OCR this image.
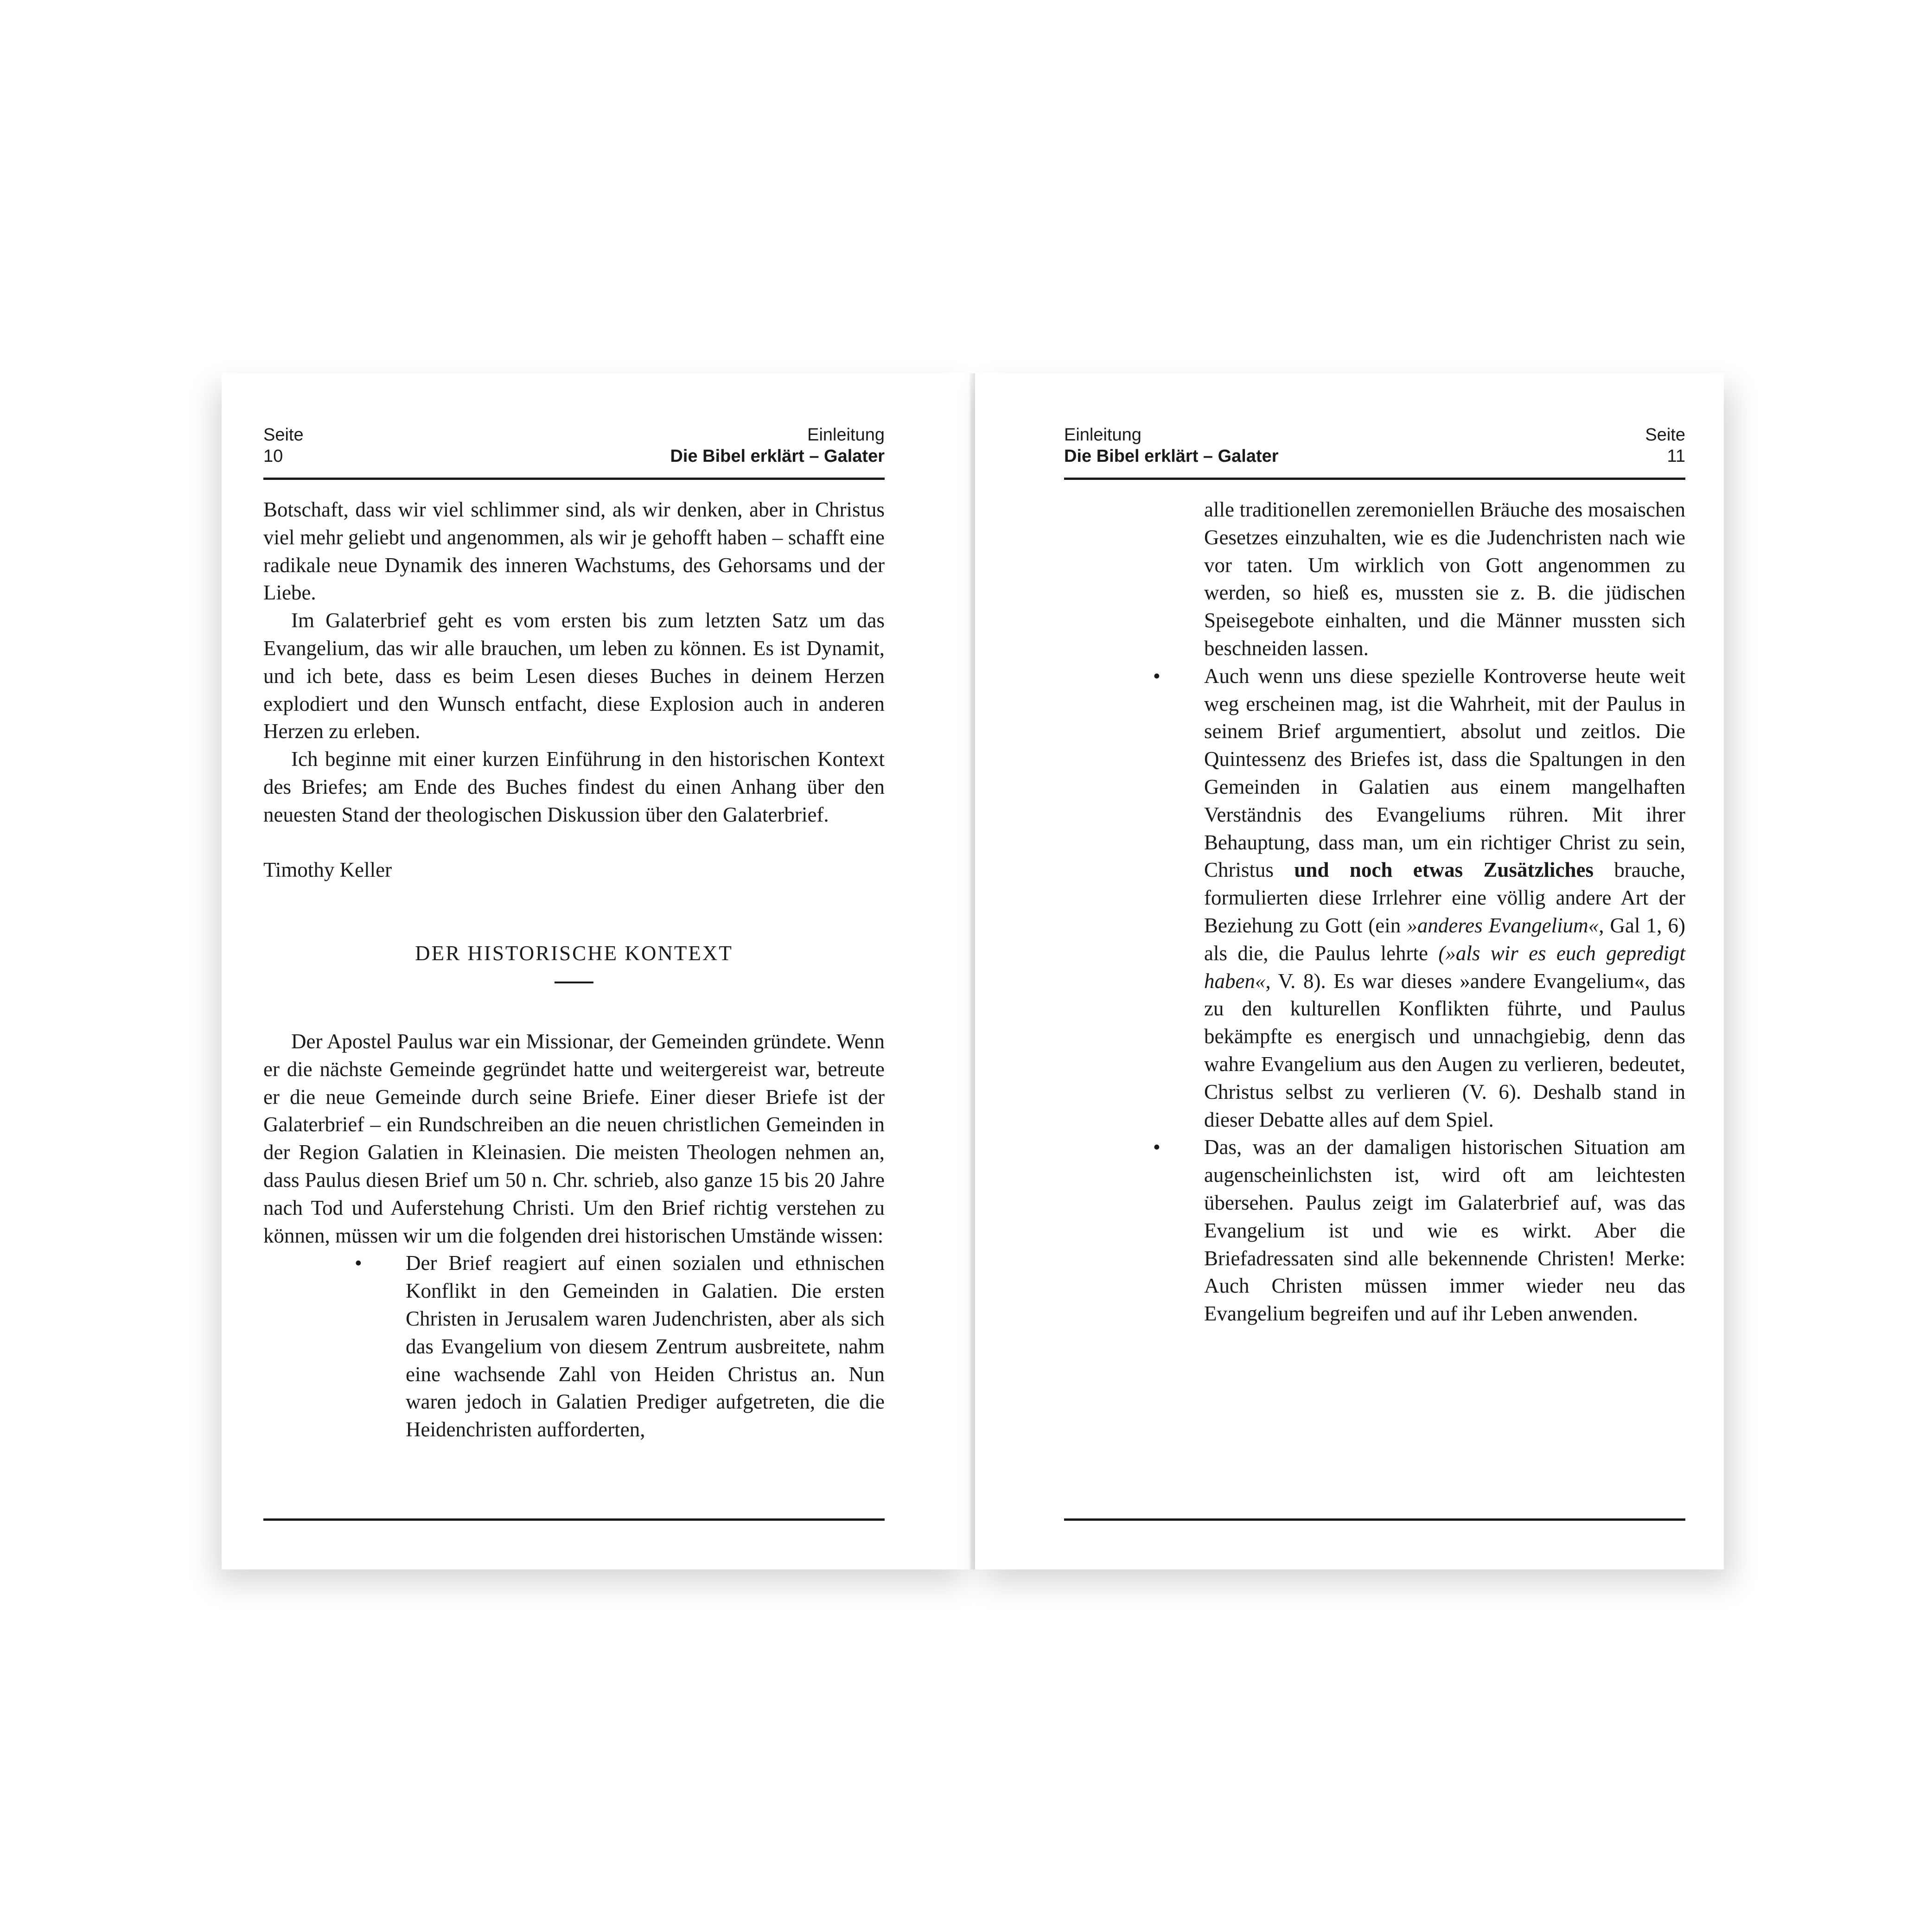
Seite
10
Einleitung
Die Bibel erklärt – Galater

Botschaft, dass wir viel schlimmer sind, als wir denken, aber in Christus viel mehr geliebt und angenommen, als wir je gehofft haben – schafft eine radikale neue Dynamik des inneren Wachstums, des Gehorsams und der Liebe.

Im Galaterbrief geht es vom ersten bis zum letzten Satz um das Evangelium, das wir alle brauchen, um leben zu können. Es ist Dynamit, und ich bete, dass es beim Lesen dieses Buches in deinem Herzen explodiert und den Wunsch entfacht, diese Explosion auch in anderen Herzen zu erleben.

Ich beginne mit einer kurzen Einführung in den historischen Kontext des Briefes; am Ende des Buches findest du einen Anhang über den neuesten Stand der theologischen Diskussion über den Galaterbrief.

Timothy Keller

DER HISTORISCHE KONTEXT

Der Apostel Paulus war ein Missionar, der Gemeinden gründete. Wenn er die nächste Gemeinde gegründet hatte und weitergereist war, betreute er die neue Gemeinde durch seine Briefe. Einer dieser Briefe ist der Galaterbrief – ein Rundschreiben an die neuen christlichen Gemeinden in der Region Galatien in Kleinasien. Die meisten Theologen nehmen an, dass Paulus diesen Brief um 50 n. Chr. schrieb, also ganze 15 bis 20 Jahre nach Tod und Auferstehung Christi. Um den Brief richtig verstehen zu können, müssen wir um die folgenden drei historischen Umstände wissen:

• Der Brief reagiert auf einen sozialen und ethnischen Konflikt in den Gemeinden in Galatien. Die ersten Christen in Jerusalem waren Judenchristen, aber als sich das Evangelium von diesem Zentrum ausbreitete, nahm eine wachsende Zahl von Heiden Christus an. Nun waren jedoch in Galatien Prediger aufgetreten, die die Heidenchristen aufforderten,
Einleitung
Die Bibel erklärt – Galater
Seite
11

alle traditionellen zeremoniellen Bräuche des mosaischen Gesetzes einzuhalten, wie es die Judenchristen nach wie vor taten. Um wirklich von Gott angenommen zu werden, so hieß es, mussten sie z. B. die jüdischen Speisegebote einhalten, und die Männer mussten sich beschneiden lassen.

• Auch wenn uns diese spezielle Kontroverse heute weit weg erscheinen mag, ist die Wahrheit, mit der Paulus in seinem Brief argumentiert, absolut und zeitlos. Die Quintessenz des Briefes ist, dass die Spaltungen in den Gemeinden in Galatien aus einem mangelhaften Verständnis des Evangeliums rühren. Mit ihrer Behauptung, dass man, um ein richtiger Christ zu sein, Christus und noch etwas Zusätzliches brauche, formulierten diese Irrlehrer eine völlig andere Art der Beziehung zu Gott (ein »anderes Evangelium«, Gal 1, 6) als die, die Paulus lehrte (»als wir es euch gepredigt haben«, V. 8). Es war dieses »andere Evangelium«, das zu den kulturellen Konflikten führte, und Paulus bekämpfte es energisch und unnachgiebig, denn das wahre Evangelium aus den Augen zu verlieren, bedeutet, Christus selbst zu verlieren (V. 6). Deshalb stand in dieser Debatte alles auf dem Spiel.
• Das, was an der damaligen historischen Situation am augenscheinlichsten ist, wird oft am leichtesten übersehen. Paulus zeigt im Galaterbrief auf, was das Evangelium ist und wie es wirkt. Aber die Briefadressaten sind alle bekennende Christen! Merke: Auch Christen müssen immer wieder neu das Evangelium begreifen und auf ihr Leben anwenden.
